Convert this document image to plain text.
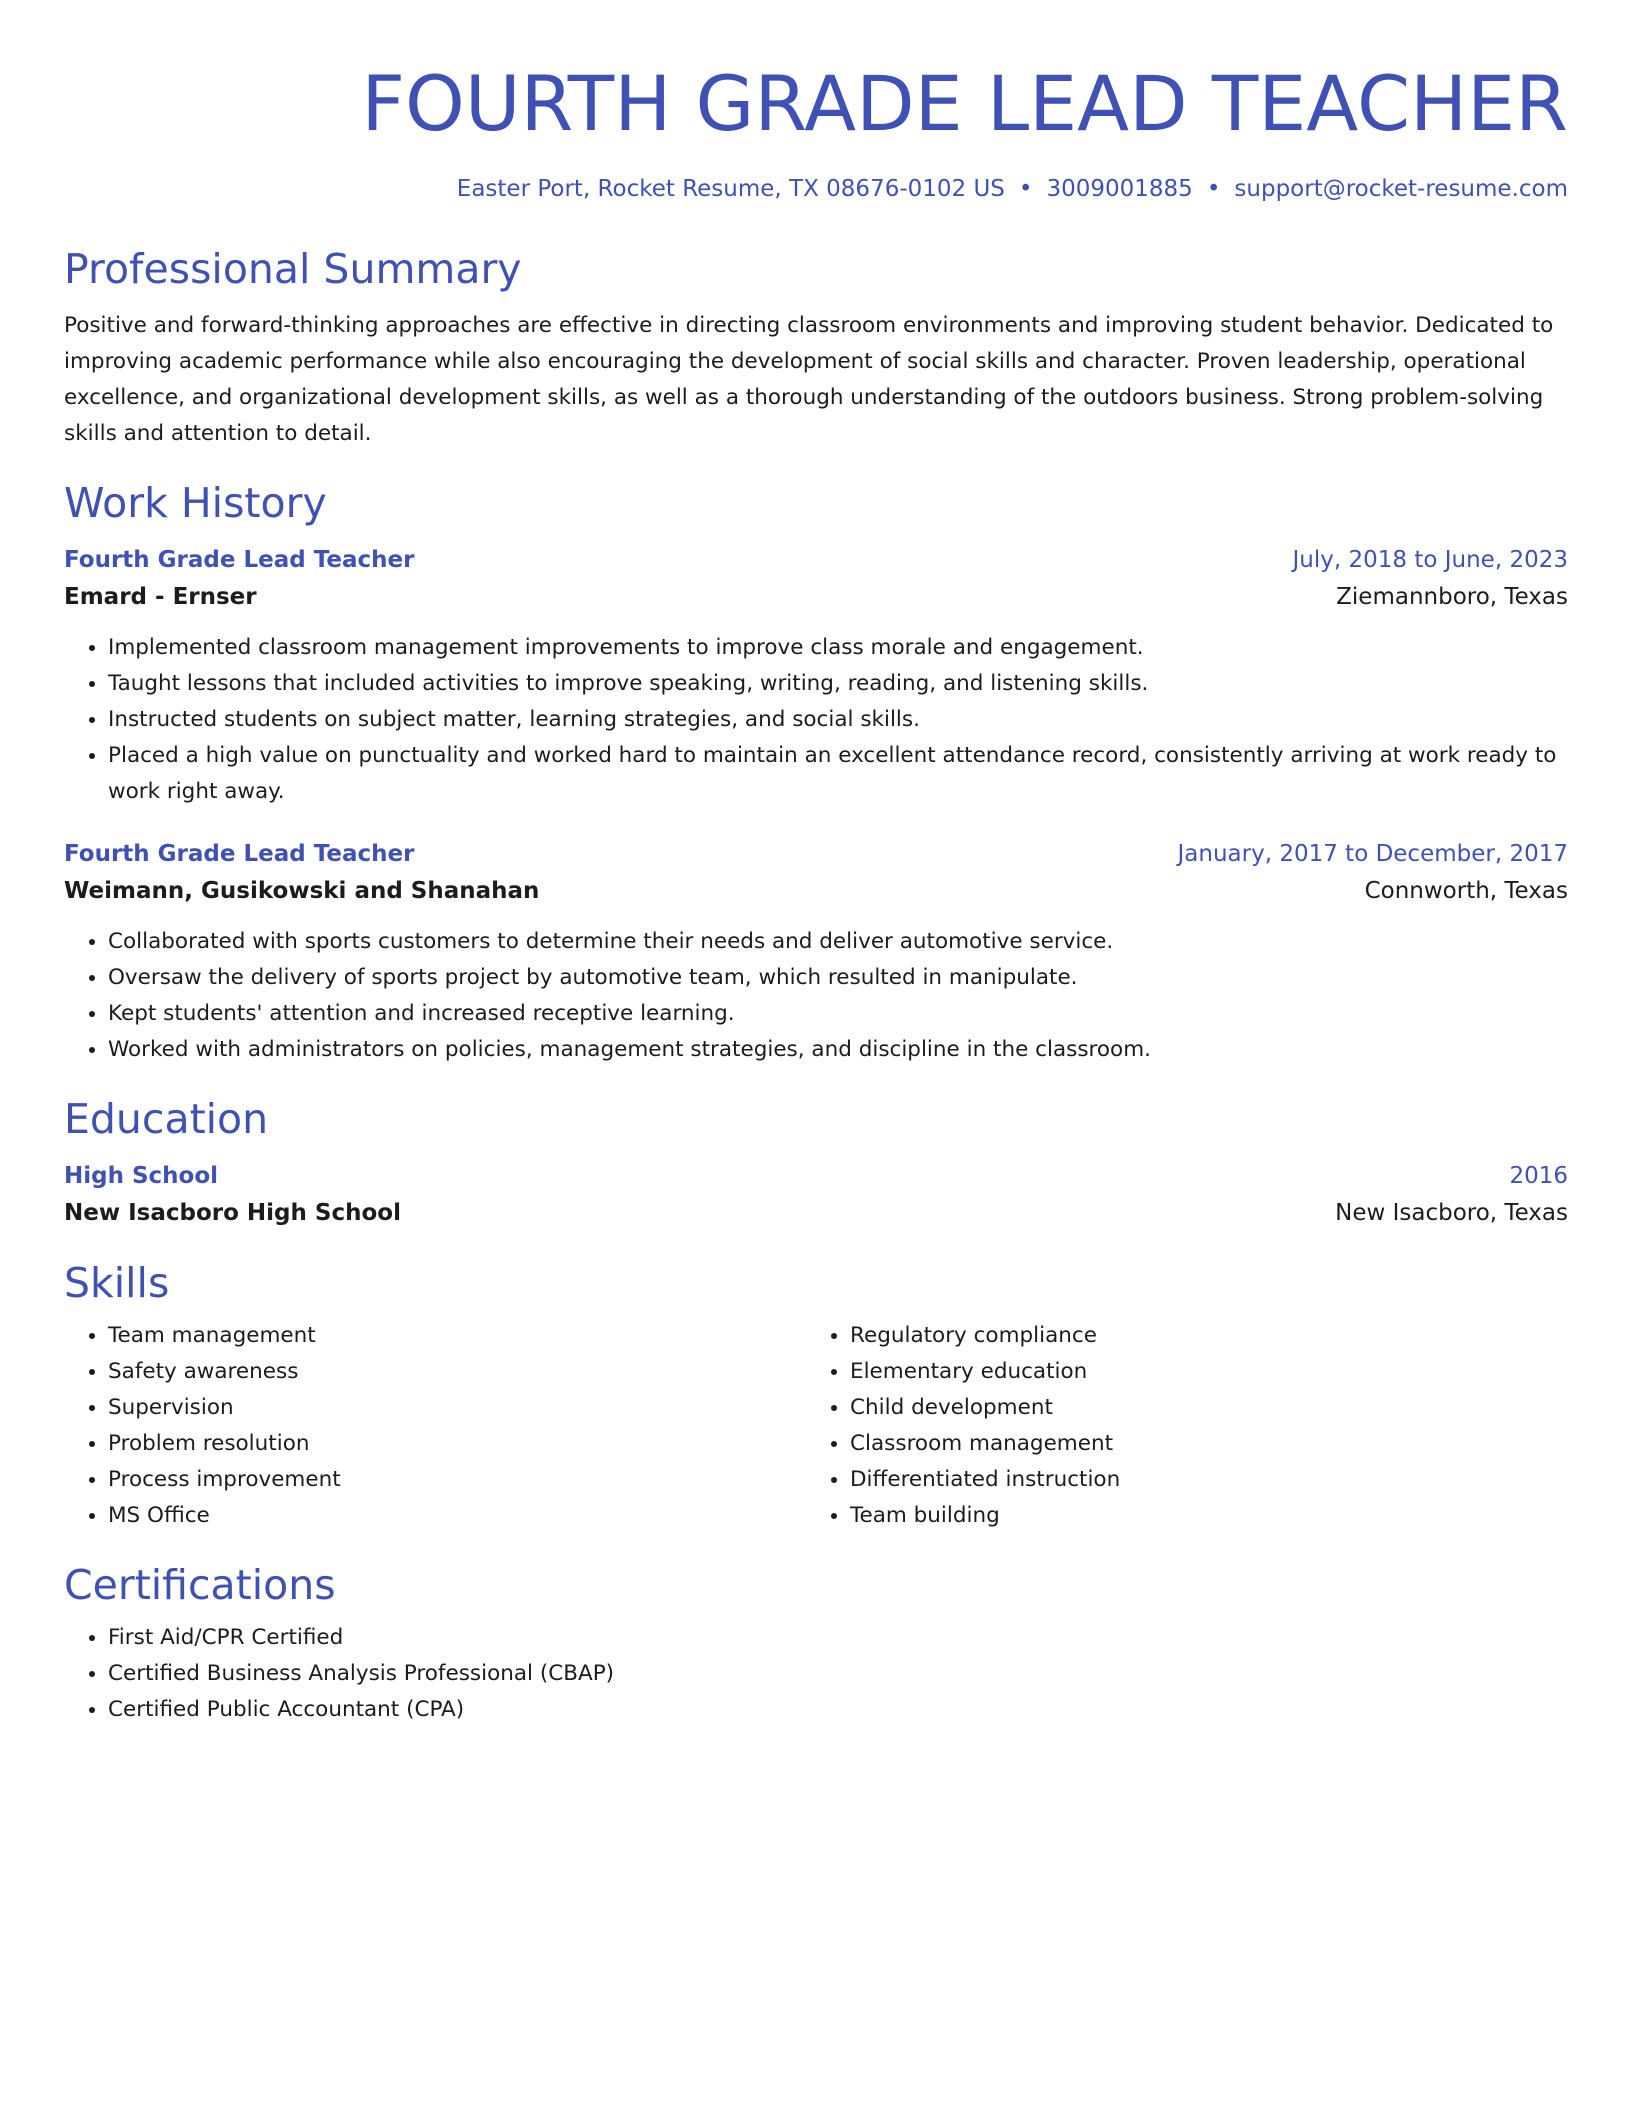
FOURTH GRADE LEAD TEACHER
Easter Port, Rocket Resume, TX 08676-0102 US • 3009001885 • support@rocket-resume.com
Professional Summary
Positive and forward-thinking approaches are effective in directing classroom environments and improving student behavior. Dedicated to improving academic performance while also encouraging the development of social skills and character. Proven leadership, operational excellence, and organizational development skills, as well as a thorough understanding of the outdoors business. Strong problem-solving skills and attention to detail.
Work History
Fourth Grade Lead Teacher	July, 2018 to June, 2023
Emard - Ernser	Ziemannboro, Texas
• Implemented classroom management improvements to improve class morale and engagement.
• Taught lessons that included activities to improve speaking, writing, reading, and listening skills.
• Instructed students on subject matter, learning strategies, and social skills.
• Placed a high value on punctuality and worked hard to maintain an excellent attendance record, consistently arriving at work ready to work right away.
Fourth Grade Lead Teacher	January, 2017 to December, 2017
Weimann, Gusikowski and Shanahan	Connworth, Texas
• Collaborated with sports customers to determine their needs and deliver automotive service.
• Oversaw the delivery of sports project by automotive team, which resulted in manipulate.
• Kept students' attention and increased receptive learning.
• Worked with administrators on policies, management strategies, and discipline in the classroom.
Education
High School	2016
New Isacboro High School	New Isacboro, Texas
Skills
• Team management
• Safety awareness
• Supervision
• Problem resolution
• Process improvement
• MS Office
• Regulatory compliance
• Elementary education
• Child development
• Classroom management
• Differentiated instruction
• Team building
Certifications
• First Aid/CPR Certified
• Certified Business Analysis Professional (CBAP)
• Certified Public Accountant (CPA)
